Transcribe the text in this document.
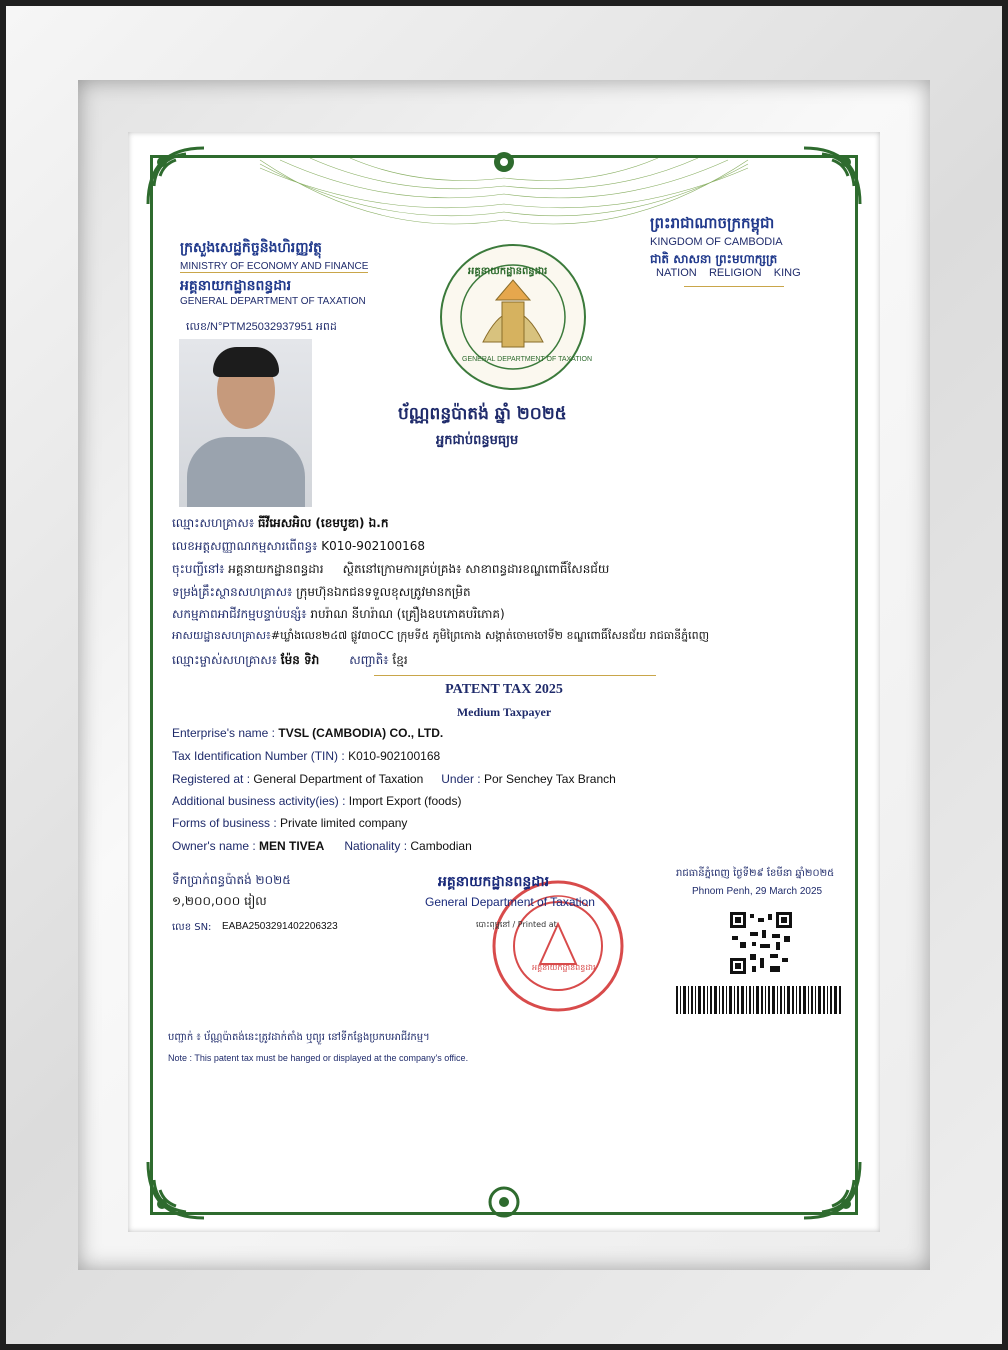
ក្រសួងសេដ្ឋកិច្ចនិងហិរញ្ញវត្ថុ
MINISTRY OF ECONOMY AND FINANCE
អគ្គនាយកដ្ឋានពន្ធដារ
GENERAL DEPARTMENT OF TAXATION
លេខ/N°PTM25032937951 អពដ
ព្រះរាជាណាចក្រកម្ពុជា
KINGDOM OF CAMBODIA
ជាតិ សាសនា ព្រះមហាក្សត្រ
NATION    RELIGION    KING
អគ្គនាយកដ្ឋានពន្ធដារ
GENERAL DEPARTMENT OF TAXATION
ប័ណ្ណពន្ធប៉ាតង់ ឆ្នាំ ២០២៥
អ្នកជាប់ពន្ធមធ្យម
ឈ្មោះសហគ្រាស៖ ធីវីអេសអិល (ខេមបូឌា) ឯ.ក
លេខអត្តសញ្ញាណកម្មសារពើពន្ធ៖ K010-902100168
ចុះបញ្ជីនៅ៖ អគ្គនាយកដ្ឋានពន្ធដារ     ស្ថិតនៅក្រោមការគ្រប់គ្រង៖ សាខាពន្ធដារខណ្ឌពោធិ៍សែនជ័យ
ទម្រង់គ្រឹះស្ថានសហគ្រាស៖ ក្រុមហ៊ុនឯកជនទទួលខុសត្រូវមានកម្រិត
សកម្មភាពអាជីវកម្មបន្ទាប់បន្សំ៖ រាបរ៉ាណ នីហរ៉ាណ (គ្រឿងឧបភោគបរិភោគ)
អាសយដ្ឋានសហគ្រាស៖#ឃ្លាំងលេខ២៤៧ ផ្លូវ៣០CC ក្រុមទី៥ ភូមិព្រៃកោង សង្កាត់ចោមចៅទី២ ខណ្ឌពោធិ៍សែនជ័យ រាជធានីភ្នំពេញ
ឈ្មោះម្ចាស់សហគ្រាស៖ ម៉ែន ទិវា	សញ្ជាតិ៖ ខ្មែរ
PATENT TAX 2025
Medium Taxpayer
Enterprise's name : TVSL (CAMBODIA) CO., LTD.
Tax Identification Number (TIN) : K010-902100168
Registered at : General Department of Taxation Under : Por Senchey Tax Branch
Additional business activity(ies) : Import Export (foods)
Forms of business : Private limited company
Owner's name : MEN TIVEA Nationality : Cambodian
ទឹកប្រាក់ពន្ធប៉ាតង់ ២០២៥
១,២០០,០០០ រៀល
លេខ SN: EABA2503291402206323
អគ្គនាយកដ្ឋានពន្ធដារ
អគ្គនាយកដ្ឋានពន្ធដារ
General Department of Taxation
បោះពុម្ពនៅ / Printed at
រាជធានីភ្នំពេញ ថ្ងៃទី២៩ ខែមីនា ឆ្នាំ២០២៥
Phnom Penh, 29 March 2025
បញ្ជាក់ ៖ ប័ណ្ណប៉ាតង់នេះត្រូវដាក់តាំង ឬព្យួរ នៅទីកន្លែងប្រកបអាជីវកម្ម។
Note : This patent tax must be hanged or displayed at the company's office.
